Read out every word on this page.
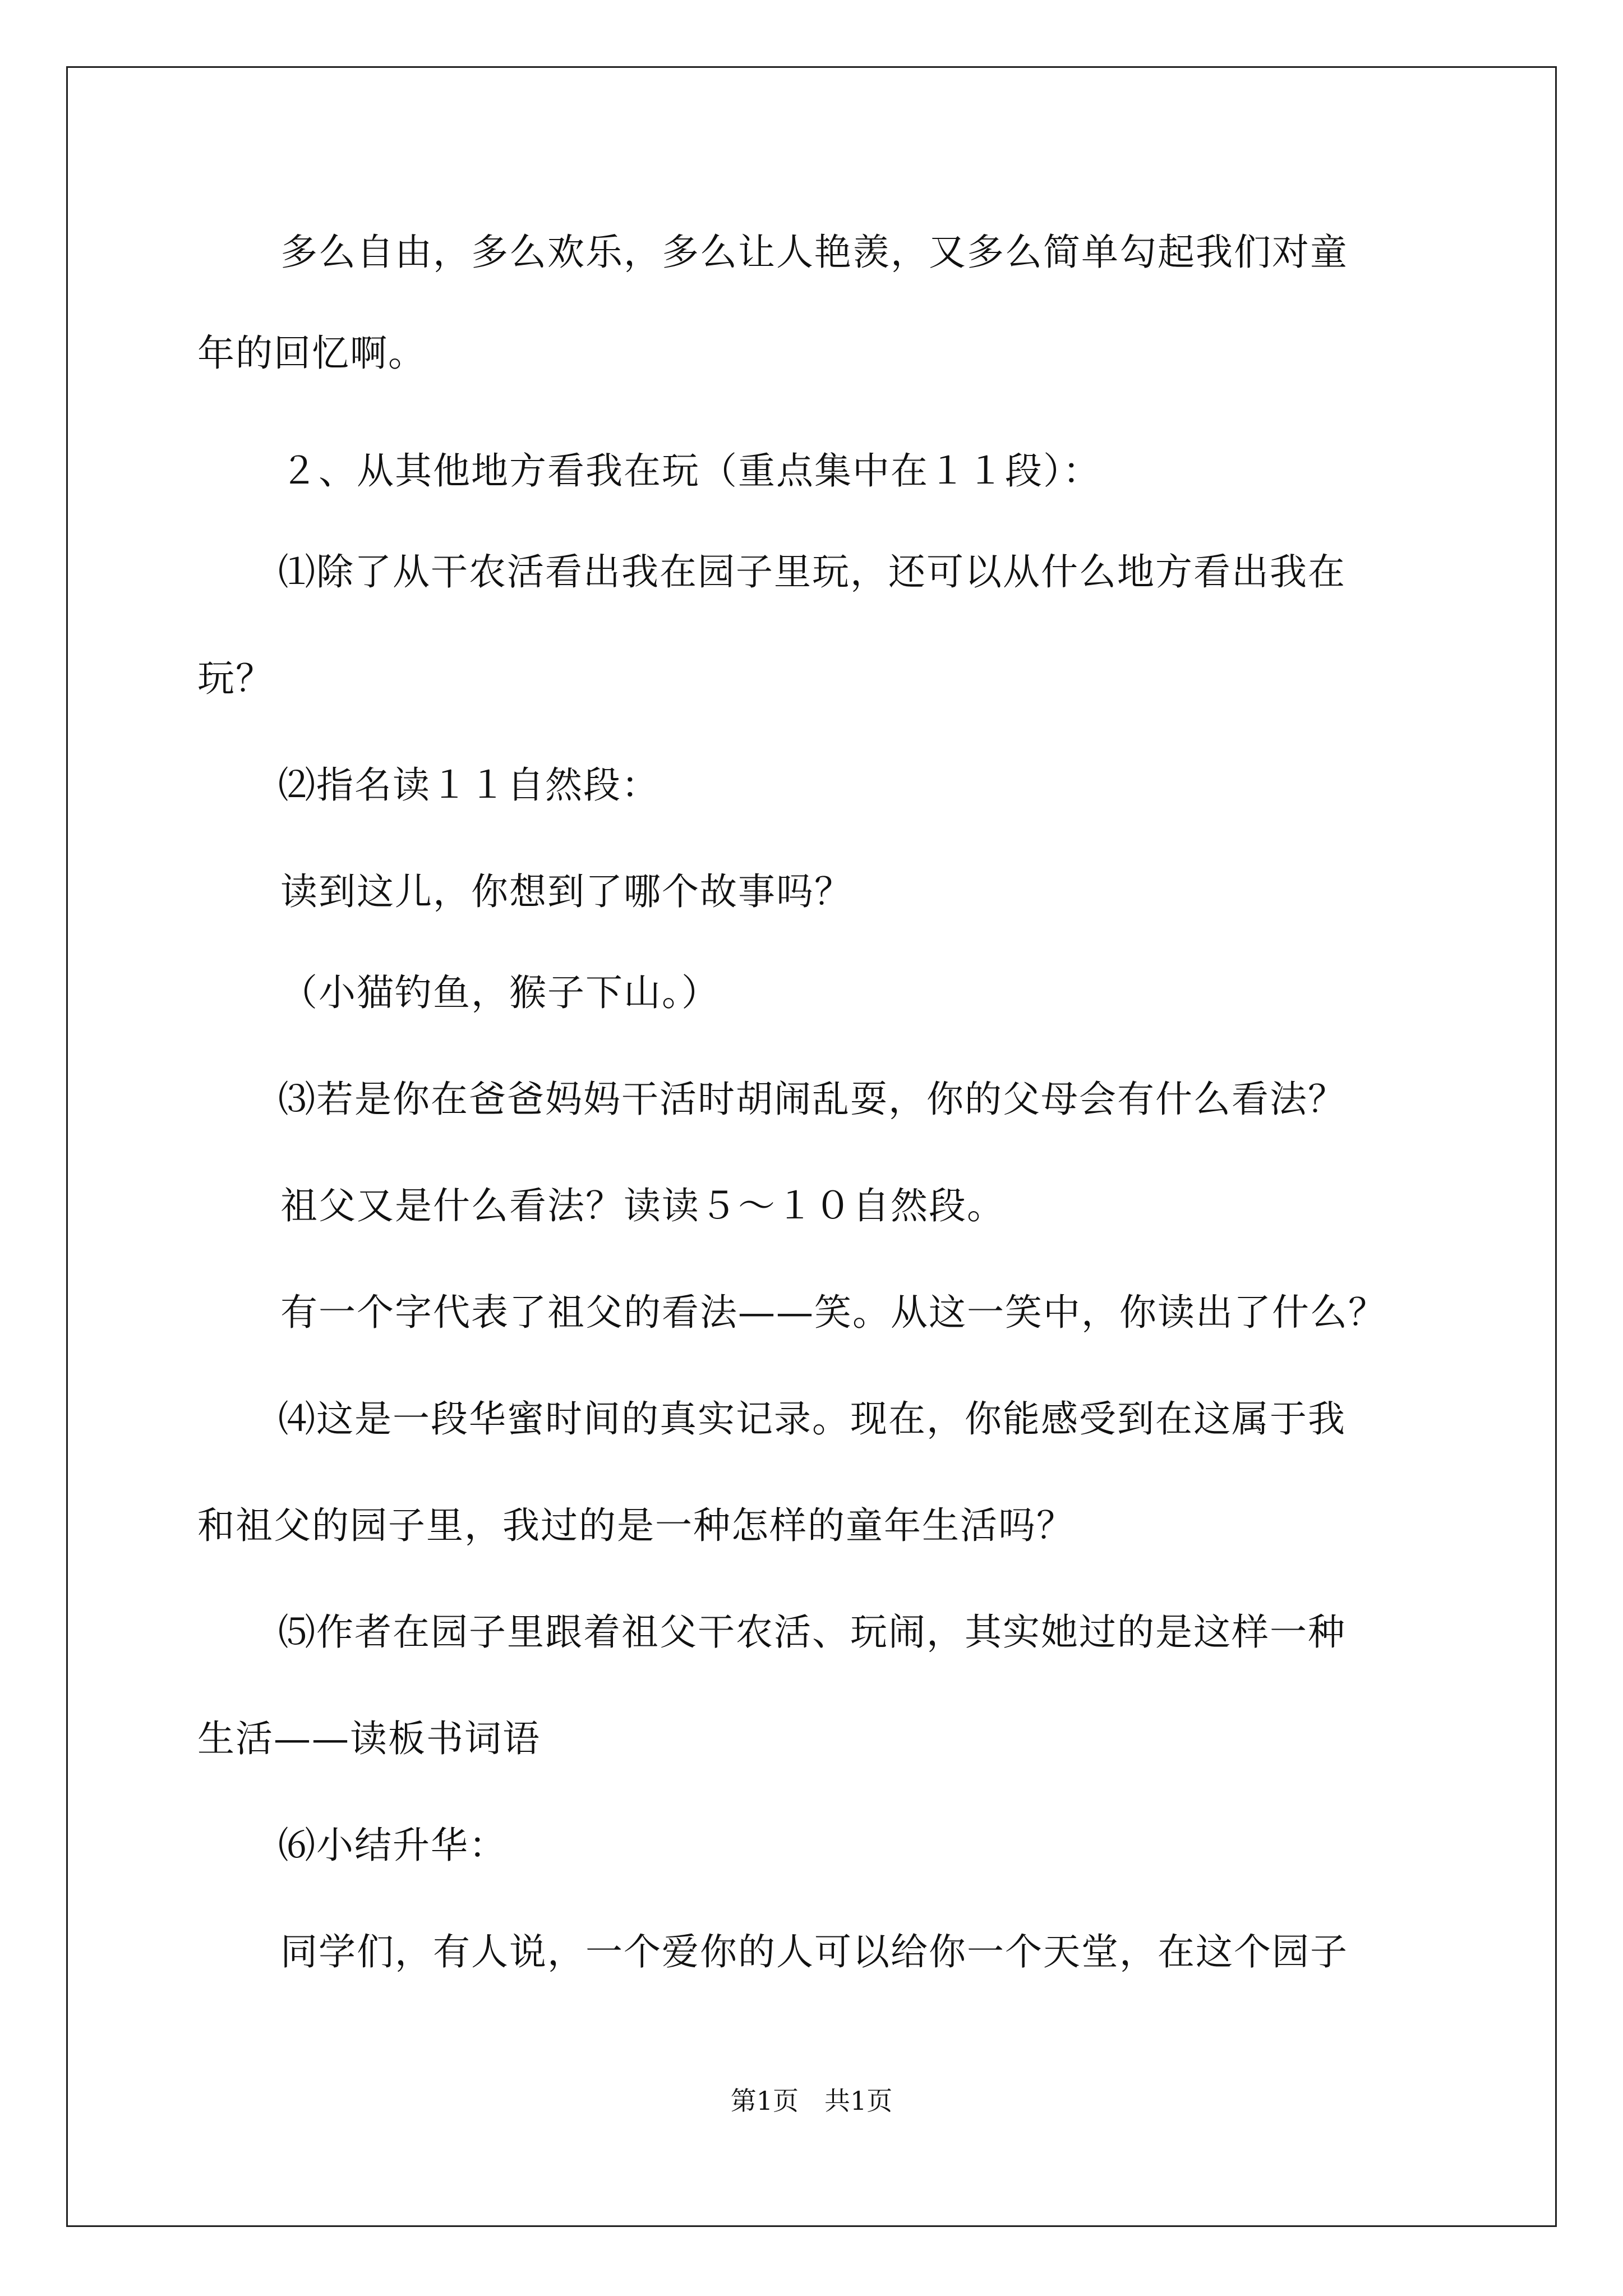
多么自由，多么欢乐，多么让人艳羡，又多么简单勾起我们对童
年的回忆啊。
２、从其他地方看我在玩（重点集中在１１段）：
⑴除了从干农活看出我在园子里玩，还可以从什么地方看出我在
玩？
⑵指名读１１自然段：
读到这儿，你想到了哪个故事吗？
（小猫钓鱼，猴子下山。）
⑶若是你在爸爸妈妈干活时胡闹乱耍，你的父母会有什么看法？
祖父又是什么看法？读读５～１０自然段。
有一个字代表了祖父的看法——笑。从这一笑中，你读出了什么？
⑷这是一段华蜜时间的真实记录。现在，你能感受到在这属于我
和祖父的园子里，我过的是一种怎样的童年生活吗？
⑸作者在园子里跟着祖父干农活、玩闹，其实她过的是这样一种
生活——读板书词语
⑹小结升华：
同学们，有人说，一个爱你的人可以给你一个天堂，在这个园子
第1页　共1页
